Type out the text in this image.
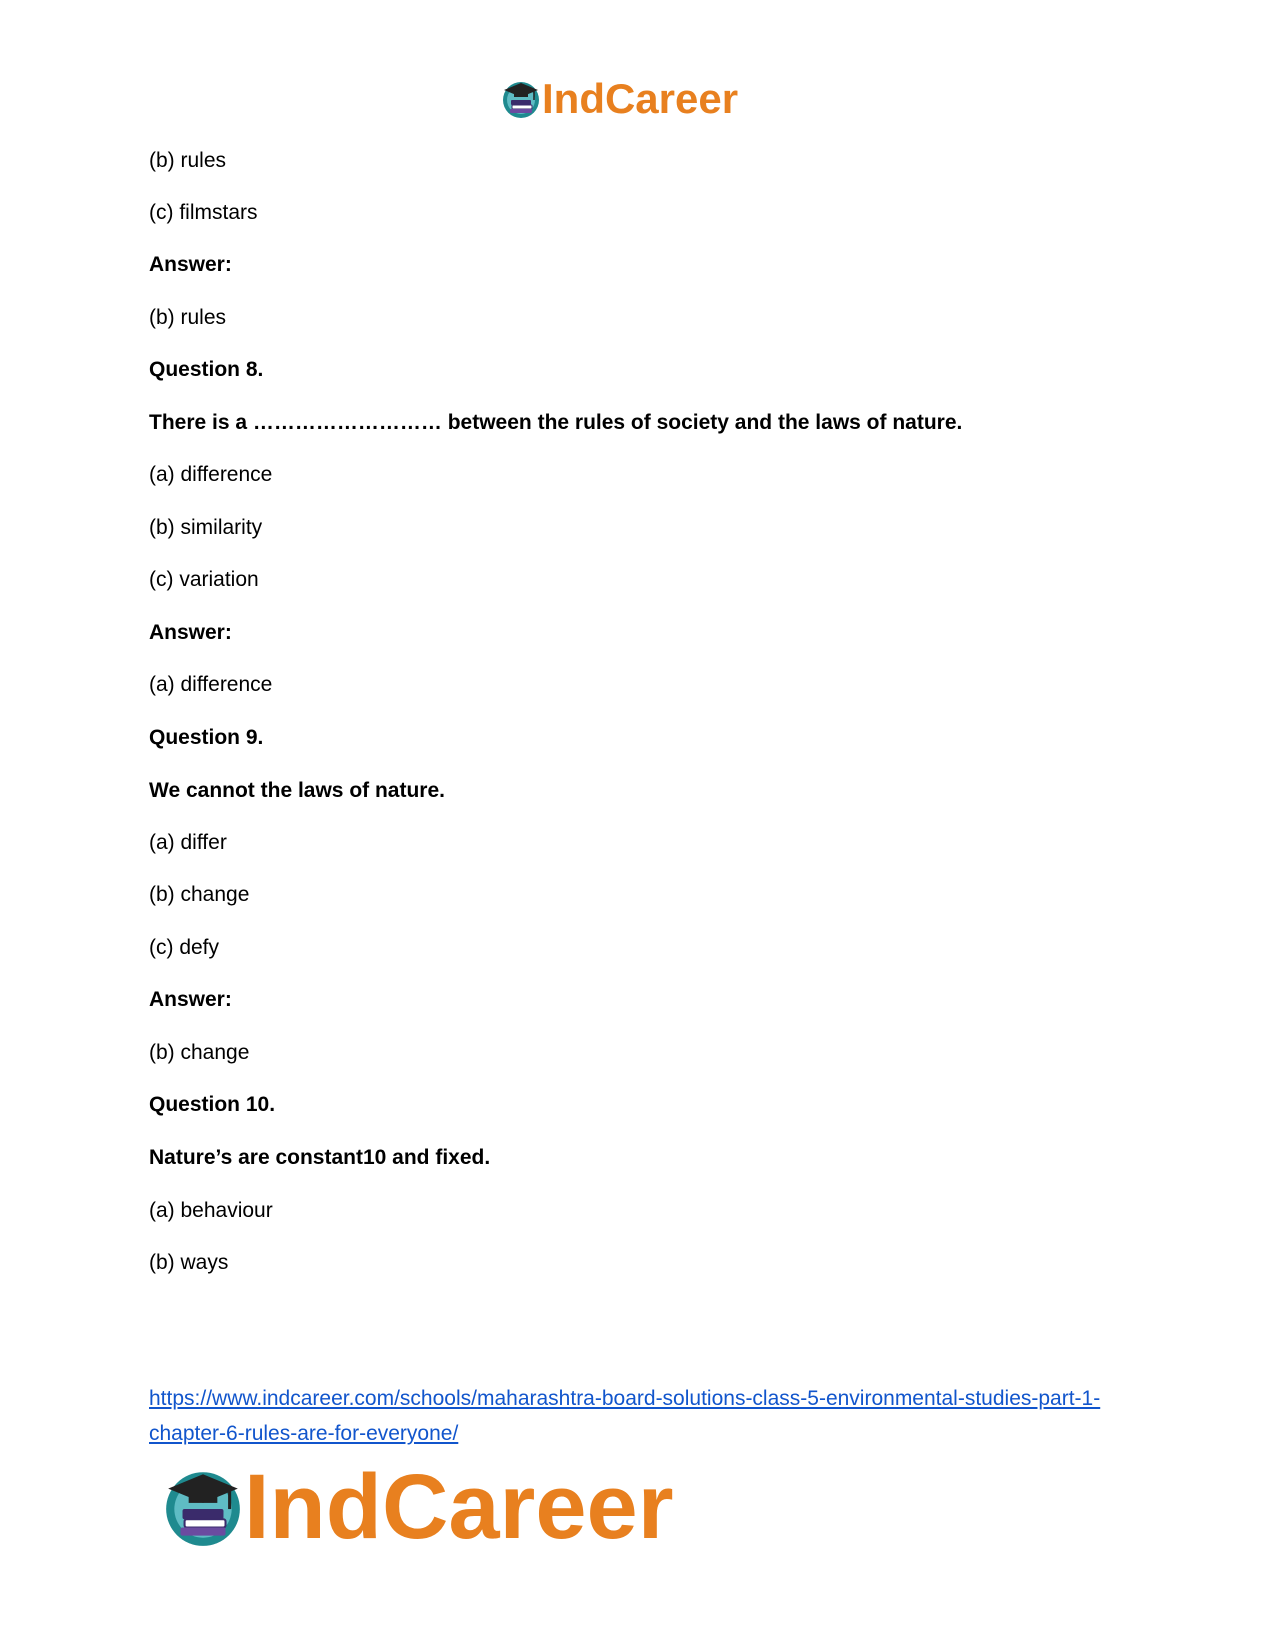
IndCareer
(b) rules
(c) filmstars
Answer:
(b) rules
Question 8.
There is a ……………………… between the rules of society and the laws of nature.
(a) difference
(b) similarity
(c) variation
Answer:
(a) difference
Question 9.
We cannot the laws of nature.
(a) differ
(b) change
(c) defy
Answer:
(b) change
Question 10.
Nature’s are constant10 and fixed.
(a) behaviour
(b) ways
https://www.indcareer.com/schools/maharashtra-board-solutions-class-5-environmental-studies-part-1-chapter-6-rules-are-for-everyone/
IndCareer
